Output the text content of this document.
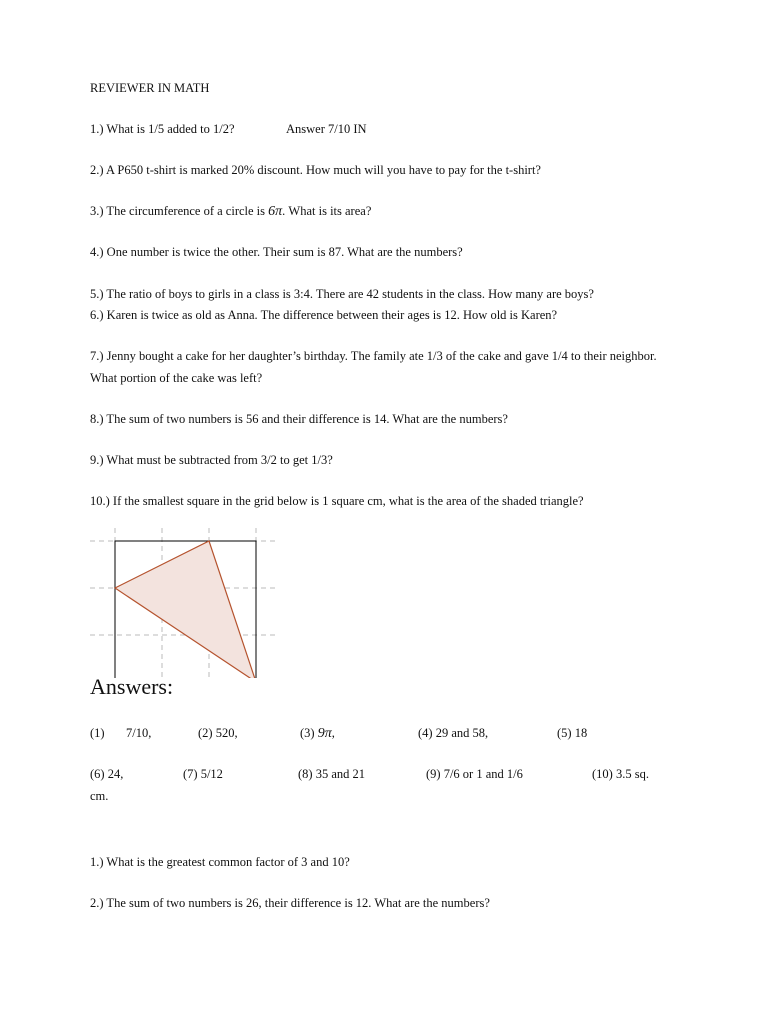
REVIEWER IN MATH
1.) What is 1/5 added to 1/2?	Answer 7/10 IN
2.) A P650 t-shirt is marked 20% discount. How much will you have to pay for the t-shirt?
3.) The circumference of a circle is 6π. What is its area?
4.) One number is twice the other. Their sum is 87. What are the numbers?
5.) The ratio of boys to girls in a class is 3:4. There are 42 students in the class. How many are boys?
6.) Karen is twice as old as Anna. The difference between their ages is 12. How old is Karen?
7.) Jenny bought a cake for her daughter’s birthday. The family ate 1/3 of the cake and gave 1/4 to their neighbor. What portion of the cake was left?
8.) The sum of two numbers is 56 and their difference is 14. What are the numbers?
9.) What must be subtracted from 3/2 to get 1/3?
10.) If the smallest square in the grid below is 1 square cm, what is the area of the shaded triangle?
Answers:
(1) 7/10,	(2) 520,	(3) 9π,	(4) 29 and 58,	(5) 18
(6) 24,	(7) 5/12	(8) 35 and 21	(9) 7/6 or 1 and 1/6	(10) 3.5 sq.
cm.
1.) What is the greatest common factor of 3 and 10?
2.) The sum of two numbers is 26, their difference is 12. What are the numbers?
